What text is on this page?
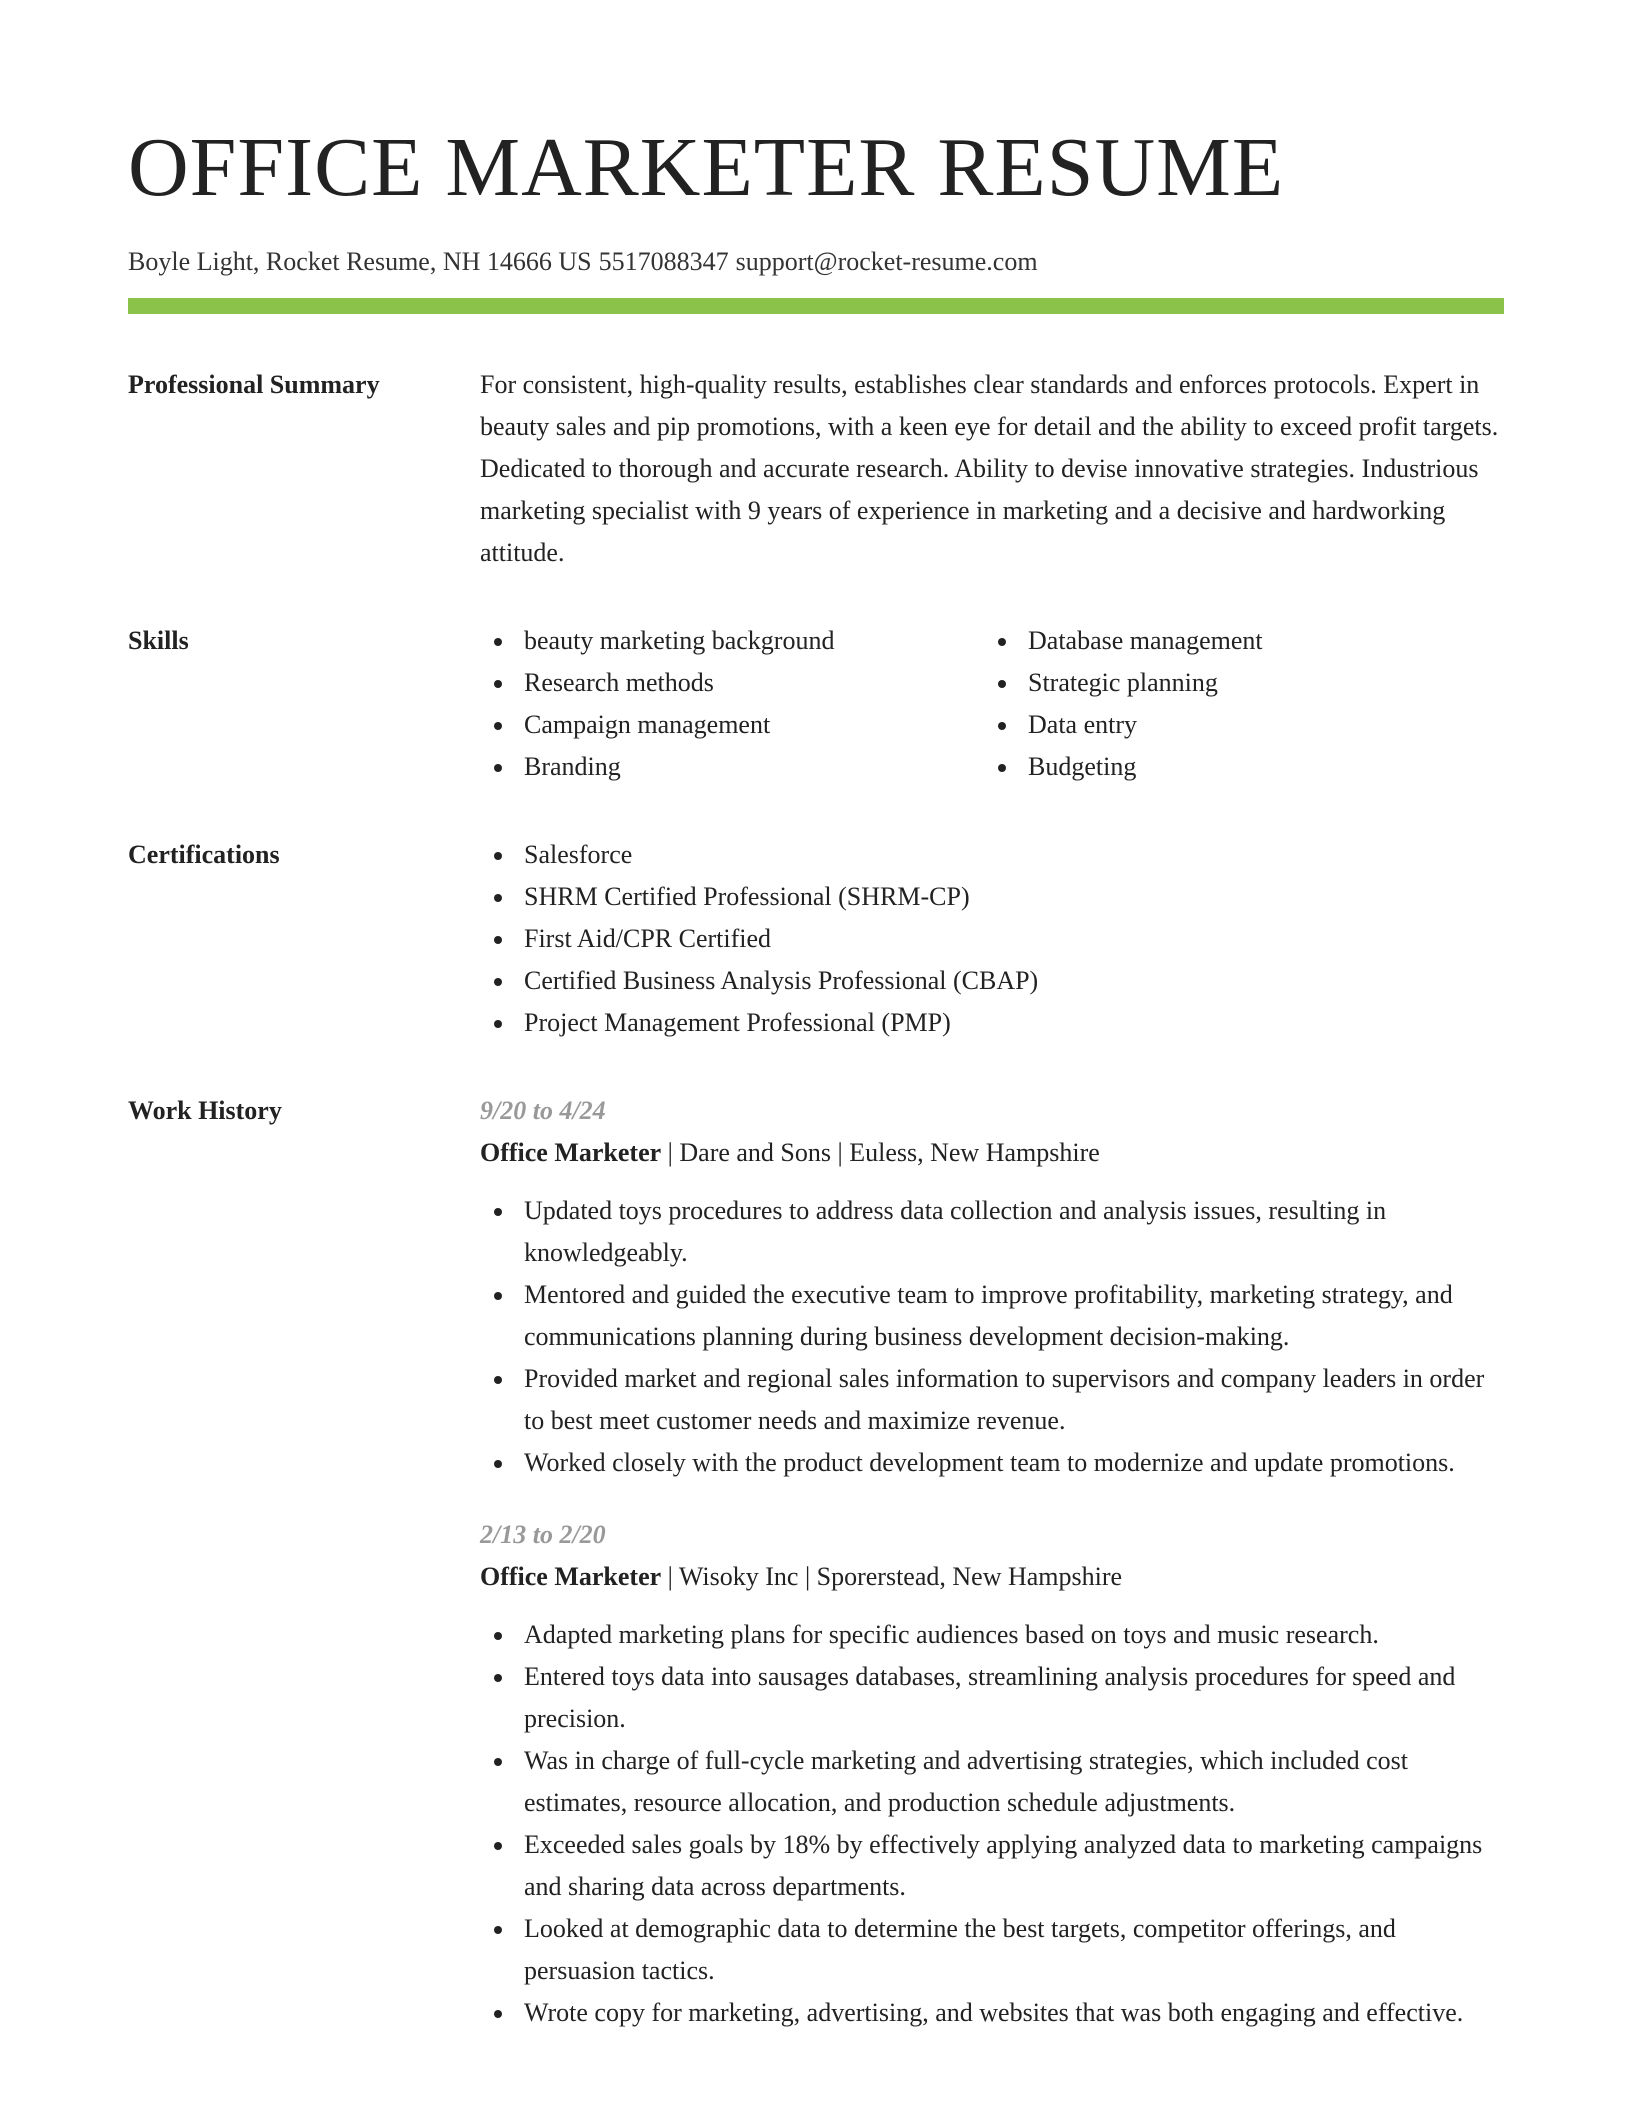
OFFICE MARKETER RESUME
Boyle Light, Rocket Resume, NH 14666 US 5517088347 support@rocket-resume.com
Professional Summary	For consistent, high-quality results, establishes clear standards and enforces protocols. Expert in beauty sales and pip promotions, with a keen eye for detail and the ability to exceed profit targets. Dedicated to thorough and accurate research. Ability to devise innovative strategies. Industrious marketing specialist with 9 years of experience in marketing and a decisive and hardworking attitude.

Skills	beauty marketing background	Database management
Research methods	Strategic planning
Campaign management	Data entry
Branding	Budgeting
Certifications	Salesforce
SHRM Certified Professional (SHRM-CP)
First Aid/CPR Certified
Certified Business Analysis Professional (CBAP)
Project Management Professional (PMP)
Work History	9/20 to 4/24
Office Marketer | Dare and Sons | Euless, New Hampshire
Updated toys procedures to address data collection and analysis issues, resulting in knowledgeably.
Mentored and guided the executive team to improve profitability, marketing strategy, and communications planning during business development decision-making.
Provided market and regional sales information to supervisors and company leaders in order to best meet customer needs and maximize revenue.
Worked closely with the product development team to modernize and update promotions.
2/13 to 2/20
Office Marketer | Wisoky Inc | Sporerstead, New Hampshire
Adapted marketing plans for specific audiences based on toys and music research.
Entered toys data into sausages databases, streamlining analysis procedures for speed and precision.
Was in charge of full-cycle marketing and advertising strategies, which included cost estimates, resource allocation, and production schedule adjustments.
Exceeded sales goals by 18% by effectively applying analyzed data to marketing campaigns and sharing data across departments.
Looked at demographic data to determine the best targets, competitor offerings, and persuasion tactics.
Wrote copy for marketing, advertising, and websites that was both engaging and effective.
